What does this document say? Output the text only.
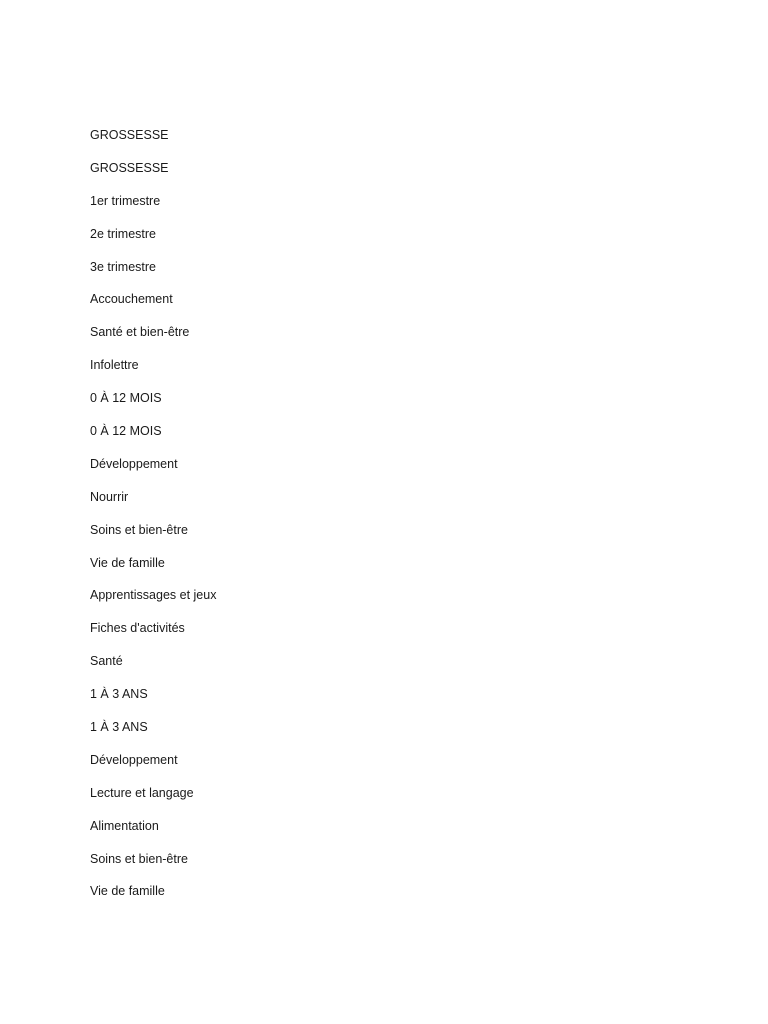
GROSSESSE
GROSSESSE
1er trimestre
2e trimestre
3e trimestre
Accouchement
Santé et bien-être
Infolettre
0 À 12 MOIS
0 À 12 MOIS
Développement
Nourrir
Soins et bien-être
Vie de famille
Apprentissages et jeux
Fiches d'activités
Santé
1 À 3 ANS
1 À 3 ANS
Développement
Lecture et langage
Alimentation
Soins et bien-être
Vie de famille
